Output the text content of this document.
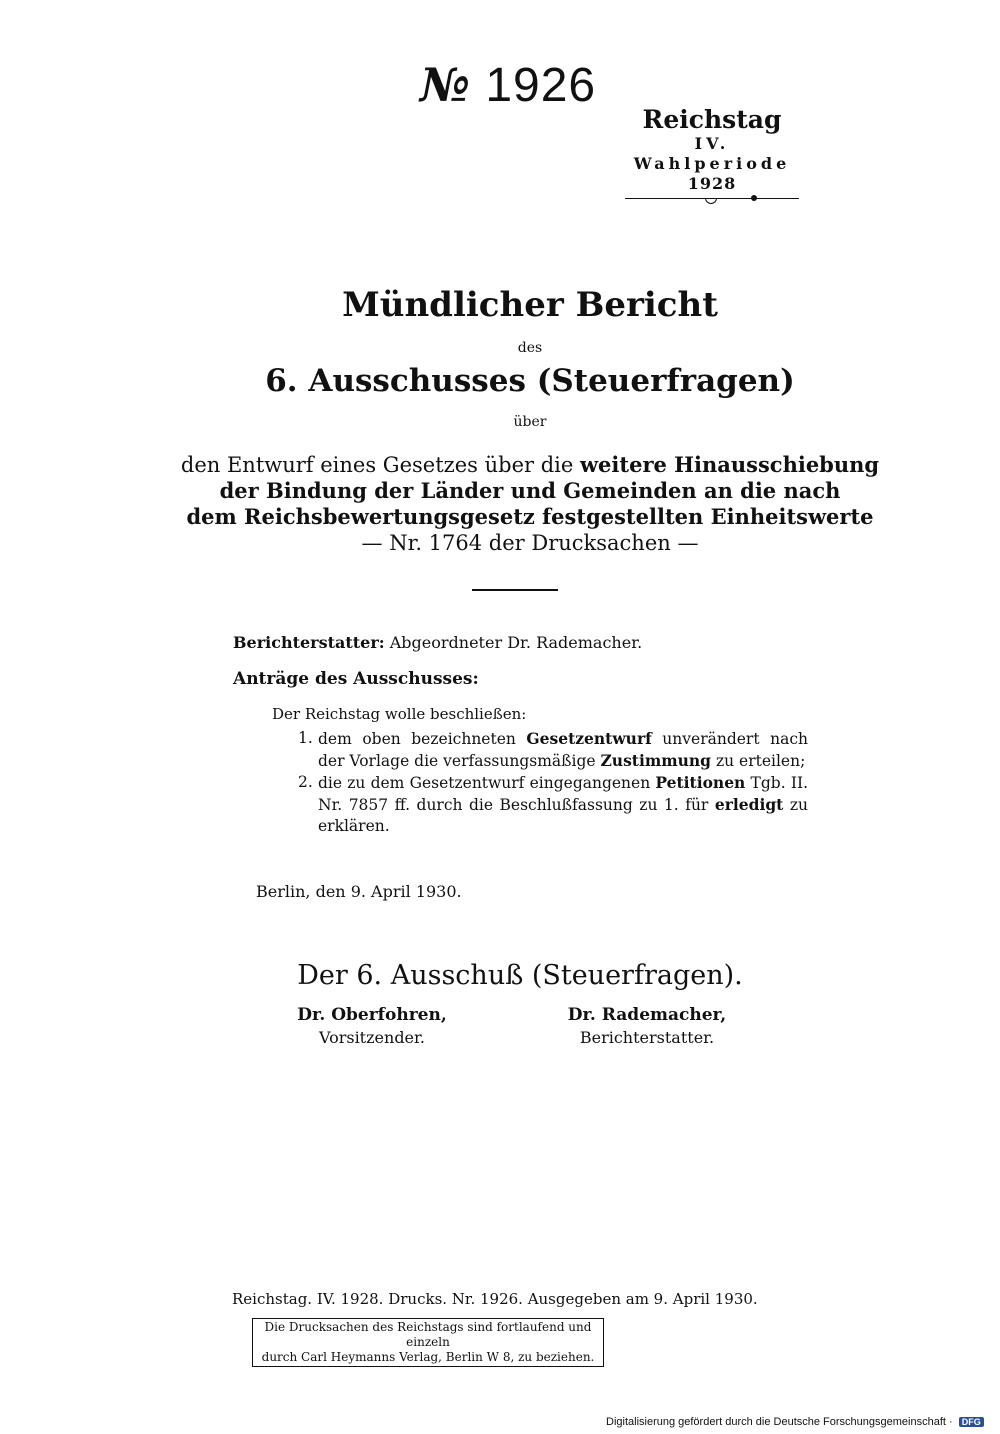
№ 1926
Reichstag
IV. Wahlperiode
1928
Mündlicher Bericht
des
6. Ausschusses (Steuerfragen)
über
den Entwurf eines Gesetzes über die weitere Hinausschiebung
der Bindung der Länder und Gemeinden an die nach
dem Reichsbewertungsgesetz festgestellten Einheitswerte
— Nr. 1764 der Drucksachen —
Berichterstatter: Abgeordneter Dr. Rademacher.
Anträge des Ausschusses:
Der Reichstag wolle beschließen:
1. dem oben bezeichneten Gesetzentwurf unverändert nach der Vorlage die verfassungsmäßige Zustimmung zu erteilen;
2. die zu dem Gesetzentwurf eingegangenen Petitionen Tgb. II. Nr. 7857 ff. durch die Beschlußfassung zu 1. für erledigt zu erklären.
Berlin, den 9. April 1930.
Der 6. Ausschuß (Steuerfragen).
Dr. Oberfohren,
Vorsitzender.
Dr. Rademacher,
Berichterstatter.
Reichstag. IV. 1928. Drucks. Nr. 1926. Ausgegeben am 9. April 1930.
Die Drucksachen des Reichstags sind fortlaufend und einzeln
durch Carl Heymanns Verlag, Berlin W 8, zu beziehen.
Digitalisierung gefördert durch die Deutsche Forschungsgemeinschaft · DFG
